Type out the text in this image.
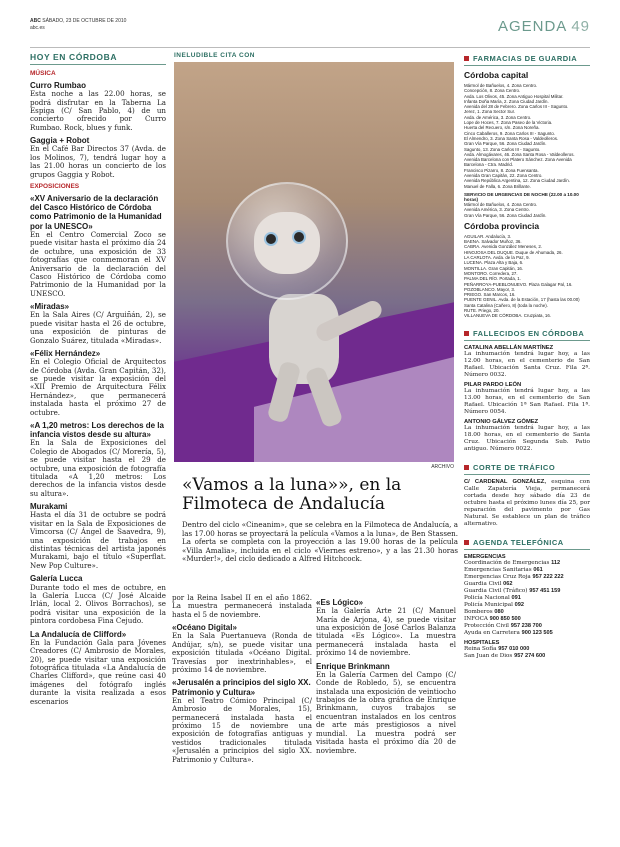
ABC SÁBADO, 23 DE OCTUBRE DE 2010
abc.es	AGENDA 49
HOY EN CÓRDOBA
MÚSICA
Curro Rumbao
Esta noche a las 22.00 horas, se podrá disfrutar en la Taberna La Espiga (C/ San Pablo, 4) de un concierto ofrecido por Curro Rumbao. Rock, blues y funk.
Gaggia + Robot
En el Café Bar Directos 37 (Avda. de los Molinos, 7), tendrá lugar hoy a las 21.00 horas un concierto de los grupos Gaggia y Robot.
EXPOSICIONES
«XV Aniversario de la declaración del Casco Histórico de Córdoba como Patrimonio de la Humanidad por la UNESCO»
En el Centro Comercial Zoco se puede visitar hasta el próximo día 24 de octubre, una exposición de 33 fotografías que conmemoran el XV Aniversario de la declaración del Casco Histórico de Córdoba como Patrimonio de la Humanidad por la UNESCO.
«Miradas»
En la Sala Aires (C/ Arguiñán, 2), se puede visitar hasta el 26 de octubre, una exposición de pinturas de Gonzalo Suárez, titulada «Miradas».
«Félix Hernández»
En el Colegio Oficial de Arquitectos de Córdoba (Avda. Gran Capitán, 32), se puede visitar la exposición del «XII Premio de Arquitectura Félix Hernández», que permanecerá instalada hasta el próximo 27 de octubre.
«A 1,20 metros: Los derechos de la infancia vistos desde su altura»
En la Sala de Exposiciones del Colegio de Abogados (C/ Morería, 5), se puede visitar hasta el 29 de octubre, una exposición de fotografía titulada «A 1,20 metros: Los derechos de la infancia vistos desde su altura».
Murakami
Hasta el día 31 de octubre se podrá visitar en la Sala de Exposiciones de Vimcorsa (C/ Ángel de Saavedra, 9), una exposición de trabajos en distintas técnicas del artista japonés Murakami, bajo el título «Superflat. New Pop Culture».
Galería Lucca
Durante todo el mes de octubre, en la Galería Lucca (C/ José Alcaide Irlán, local 2. Olivos Borrachos), se podrá visitar una exposición de la pintora cordobesa Fina Cejudo.
La Andalucía de Clifford»
En la Fundación Gala para Jóvenes Creadores (C/ Ambrosio de Morales, 20), se puede visitar una exposición fotográfica titulada «La Andalucía de Charles Clifford», que reúne casi 40 imágenes del fotógrafo inglés durante la visita realizada a esos escenarios
INELUDIBLE CITA CON
ARCHIVO
«Vamos a la luna»», en la Filmoteca de Andalucía
Dentro del ciclo «Cineanim», que se celebra en la Filmoteca de Andalucía, a las 17.00 horas se proyectará la película «Vamos a la luna», de Ben Stassen. La oferta se completa con la proyección a las 19.00 horas de la película «Villa Amalia», incluida en el ciclo «Viernes estreno», y a las 21.30 horas «Murder!», del ciclo dedicado a Alfred Hitchcock.
por la Reina Isabel II en el año 1862. La muestra permanecerá instalada hasta el 5 de noviembre.
«Océano Digital»
En la Sala Puertanueva (Ronda de Andújar, s/n), se puede visitar una exposición titulada «Océano Digital. Travesías por inextrinhables», el próximo 14 de noviembre.
«Jerusalén a principios del siglo XX. Patrimonio y Cultura»
En el Teatro Cómico Principal (C/ Ambrosio de Morales, 15), permanecerá instalada hasta el próximo 15 de noviembre una exposición de fotografías antiguas y vestidos tradicionales titulada «Jerusalén a principios del siglo XX. Patrimonio y Cultura».
«Es Lógico»
En la Galería Arte 21 (C/ Manuel María de Arjona, 4), se puede visitar una exposición de José Carlos Balanza titulada «Es Lógico». La muestra permanecerá instalada hasta el próximo 14 de noviembre.
Enrique Brinkmann
En la Galería Carmen del Campo (C/ Conde de Robledo, 5), se encuentra instalada una exposición de veintiocho trabajos de la obra gráfica de Enrique Brinkmann, cuyos trabajos se encuentran instalados en los centros de arte más prestigiosos a nivel mundial. La muestra podrá ser visitada hasta el próximo día 20 de noviembre.
FARMACIAS DE GUARDIA
Córdoba capital
Mármol de Bañuelos, 4. Zona Centro.
Concepción, 8. Zona Centro.
Avda. Los Olivos, 45. Zona Antiguo Hospital Militar.
Infanta Doña María, 2. Zona Ciudad Jardín.
Avenida del 28 de Febrero. Zona Carlos III - Sagunto.
Jerez, 1. Zona Sector Sur.
Avda. de América, 3. Zona Centro.
Lope de Hoces, 7. Zona Paseo de la Victoria.
Huerta del Recuero, s/n. Zona Noreña.
Cinco Caballeros, 9. Zona Carlos III - Sagunto.
El Almendro, 3. Zona Santa Rosa - Valdeolleros.
Gran Vía Parque, 56. Zona Ciudad Jardín.
Sagunto, 13. Zona Carlos III - Sagunto.
Avda. Almogávares, 46. Zona Santa Rosa - Valdeolleros.
Avenida Barcelona con Platero Sánchez. Zona Avenida Barcelona - Ctra. Madrid.
Francisco Pizarro, 8. Zona Fuensanta.
Avenida Gran Capitán, 22. Zona Centro.
Avenida República Argentina, 12. Zona Ciudad Jardín.
Manuel de Falla, 6. Zona Brillante.
SERVICIO DE URGENCIAS DE NOCHE (22.00 a 10.00 horas)
Mármol de Bañuelos, 4. Zona Centro.
Avenida América, 3. Zona Centro.
Gran Vía Parque, 56. Zona Ciudad Jardín.
Córdoba provincia
AGUILAR. Andalucía, 3.
BAENA. Salvador Muñoz, 36.
CABRA. Avenida González Meneses, 2.
HINOJOSA DEL DUQUE. Duque de Ahumada, 26.
LA CARLOTA. Avda. de la Paz, 9.
LUCENA. Plaza Alta y Baja, 6.
MONTILLA. Gran Capitán, 16.
MONTORO. Corredera, 27.
PALMA DEL RÍO. Portada, 1.
PEÑARROYA-PUEBLONUEVO. Plaza Galagar Pal, 16.
POZOBLANCO. Mayor, 3.
PRIEGO. San Marcos, 16.
PUENTE GENIL. Avda. de la Estación, 17 (hasta las 00.00) Santa Catalina (Cañero, 8) (toda la noche).
RUTE. Priego, 20.
VILLANUEVA DE CÓRDOBA. Cruzpiata, 16.
FALLECIDOS EN CÓRDOBA
CATALINA ABELLÁN MARTÍNEZ
La inhumación tendrá lugar hoy, a las 12.00 horas, en el cementerio de San Rafael. Ubicación Santa Cruz. Fila 2ª. Número 0032.
PILAR PARDO LEÓN
La inhumación tendrá lugar hoy, a las 13.00 horas, en el cementerio de San Rafael. Ubicación 1ª San Rafael. Fila 1ª. Número 0054.
ANTONIO GÁLVEZ GÓMEZ
La inhumación tendrá lugar hoy, a las 18.00 horas, en el cementerio de Santa Cruz. Ubicación Segunda Sub. Patio antiguo. Número 0022.
CORTE DE TRÁFICO
C/ CARDENAL GONZÁLEZ, esquina con Calle Zapatería Vieja, permanecerá cortada desde hoy sábado día 23 de octubre hasta el próximo lunes día 25, por reparación del pavimento por Gas Natural. Se establece un plan de tráfico alternativo.
AGENDA TELEFÓNICA
EMERGENCIAS
Coordinación de Emergencias 112
Emergencias Sanitarias 061
Emergencias Cruz Roja 957 222 222
Guardia Civil 062
Guardia Civil (Tráfico) 957 451 159
Policía Nacional 091
Policía Municipal 092
Bomberos 080
INFOCA 900 850 500
Protección Civil 957 238 700
Ayuda en Carretera 900 123 505
HOSPITALES
Reina Sofía 957 010 000
San Juan de Dios 957 274 600
